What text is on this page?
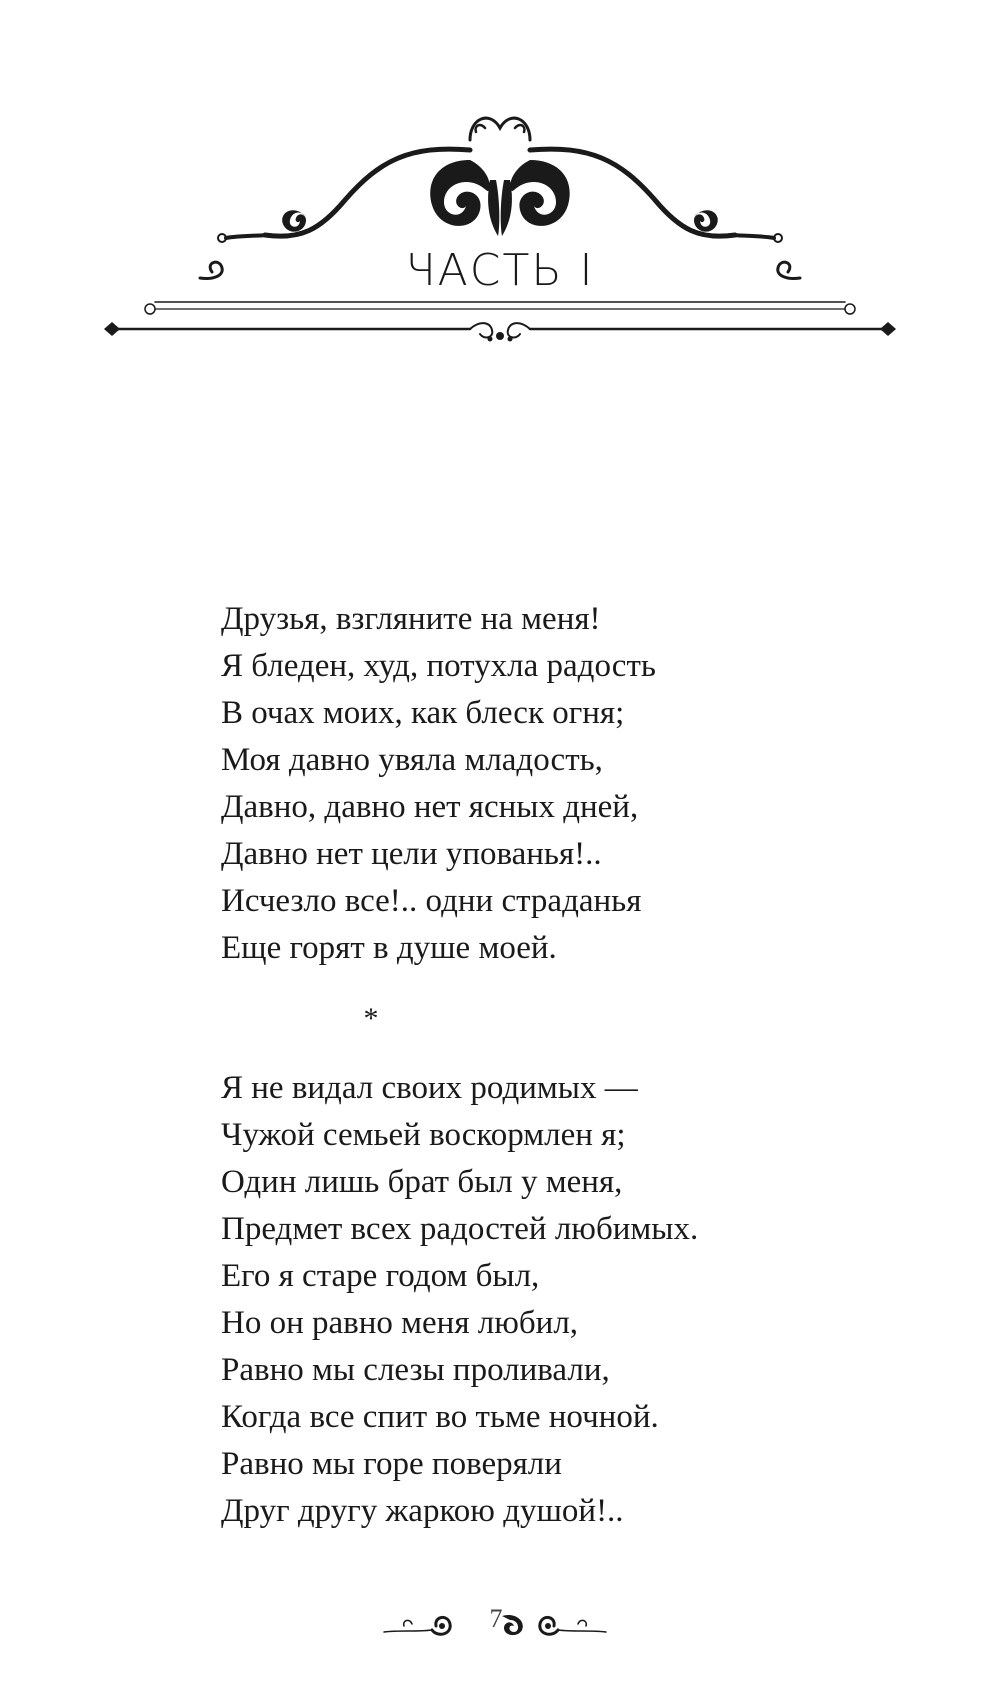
ЧАСТЬ I
Друзья, взгляните на меня!
Я бледен, худ, потухла радость
В очах моих, как блеск огня;
Моя давно увяла младость,
Давно, давно нет ясных дней,
Давно нет цели упованья!..
Исчезло все!.. одни страданья
Еще горят в душе моей.
*
Я не видал своих родимых —
Чужой семьей воскормлен я;
Один лишь брат был у меня,
Предмет всех радостей любимых.
Его я старе годом был,
Но он равно меня любил,
Равно мы слезы проливали,
Когда все спит во тьме ночной.
Равно мы горе поверяли
Друг другу жаркою душой!..
7
